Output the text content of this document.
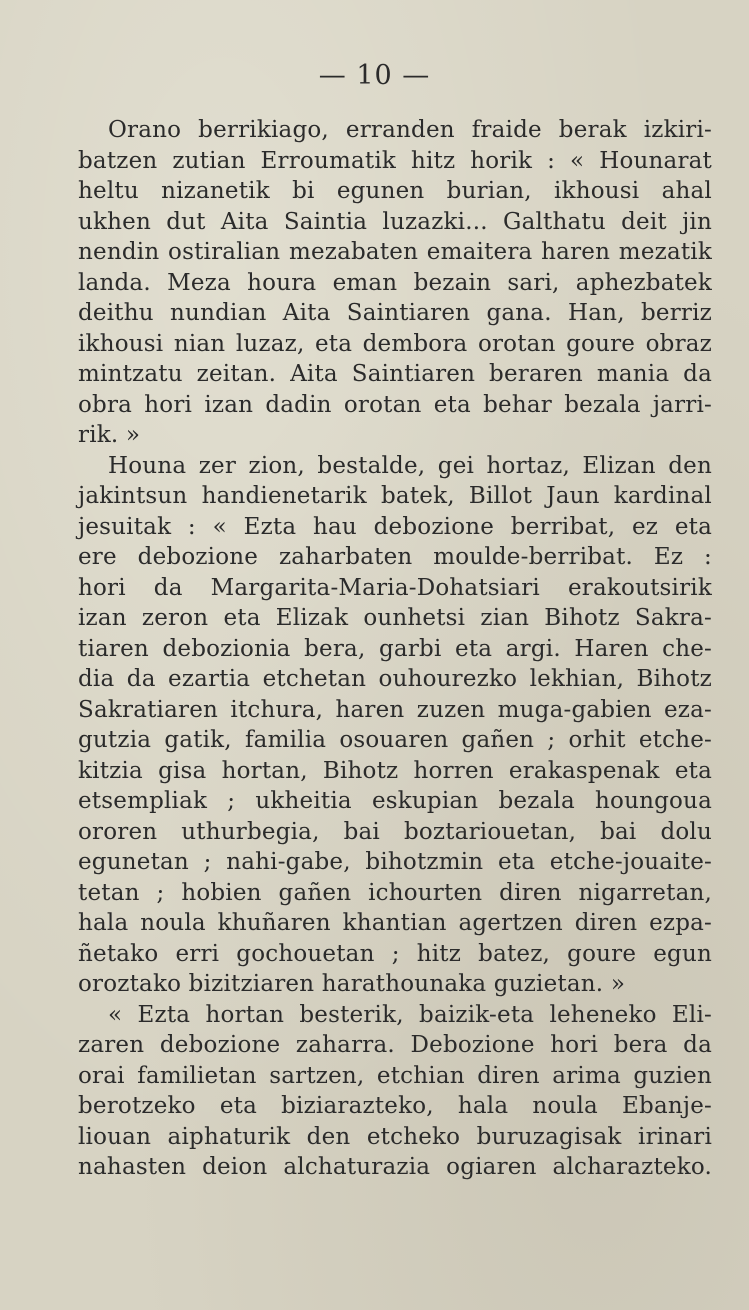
— 10 —
Orano berrikiago, erranden fraide berak izkiri-
batzen zutian Erroumatik hitz horik : « Hounarat
heltu nizanetik bi egunen burian, ikhousi ahal
ukhen dut Aita Saintia luzazki... Galthatu deit jin
nendin ostiralian mezabaten emaitera haren mezatik
landa. Meza houra eman bezain sari, aphezbatek
deithu nundian Aita Saintiaren gana. Han, berriz
ikhousi nian luzaz, eta dembora orotan goure obraz
mintzatu zeitan. Aita Saintiaren beraren mania da
obra hori izan dadin orotan eta behar bezala jarri-
rik. »
Houna zer zion, bestalde, gei hortaz, Elizan den
jakintsun handienetarik batek, Billot Jaun kardinal
jesuitak : « Ezta hau debozione berribat, ez eta
ere debozione zaharbaten moulde-berribat. Ez :
hori da Margarita-Maria-Dohatsiari erakoutsirik
izan zeron eta Elizak ounhetsi zian Bihotz Sakra-
tiaren debozionia bera, garbi eta argi. Haren che-
dia da ezartia etchetan ouhourezko lekhian, Bihotz
Sakratiaren itchura, haren zuzen muga-gabien eza-
gutzia gatik, familia osouaren gañen ; orhit etche-
kitzia gisa hortan, Bihotz horren erakaspenak eta
etsempliak ; ukheitia eskupian bezala houngoua
ororen uthurbegia, bai boztariouetan, bai dolu
egunetan ; nahi-gabe, bihotzmin eta etche-jouaite-
tetan ; hobien gañen ichourten diren nigarretan,
hala noula khuñaren khantian agertzen diren ezpa-
ñetako erri gochouetan ; hitz batez, goure egun
oroztako bizitziaren harathounaka guzietan. »
« Ezta hortan besterik, baizik-eta leheneko Eli-
zaren debozione zaharra. Debozione hori bera da
orai familietan sartzen, etchian diren arima guzien
berotzeko eta biziarazteko, hala noula Ebanje-
liouan aiphaturik den etcheko buruzagisak irinari
nahasten deion alchaturazia ogiaren alcharazteko.
